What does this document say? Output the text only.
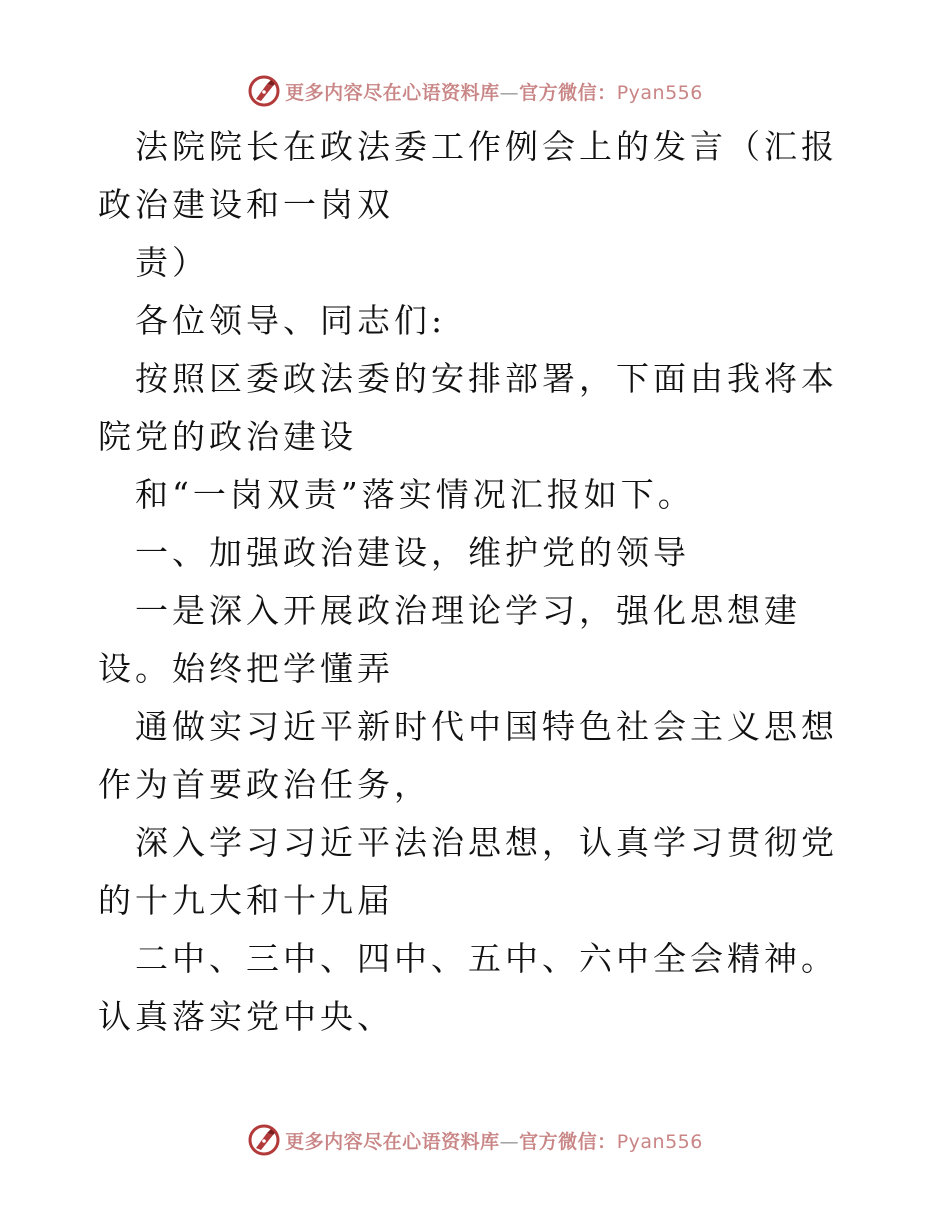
更多内容尽在心语资料库—官方微信：Pyan556

法院院长在政法委工作例会上的发言（汇报政治建设和一岗双

责）

各位领导、同志们:

按照区委政法委的安排部署，下面由我将本院党的政治建设

和“一岗双责”落实情况汇报如下。

一、加强政治建设，维护党的领导

一是深入开展政治理论学习，强化思想建设。始终把学懂弄

通做实习近平新时代中国特色社会主义思想作为首要政治任务，

深入学习习近平法治思想，认真学习贯彻党的十九大和十九届

二中、三中、四中、五中、六中全会精神。认真落实党中央、

更多内容尽在心语资料库—官方微信：Pyan556
